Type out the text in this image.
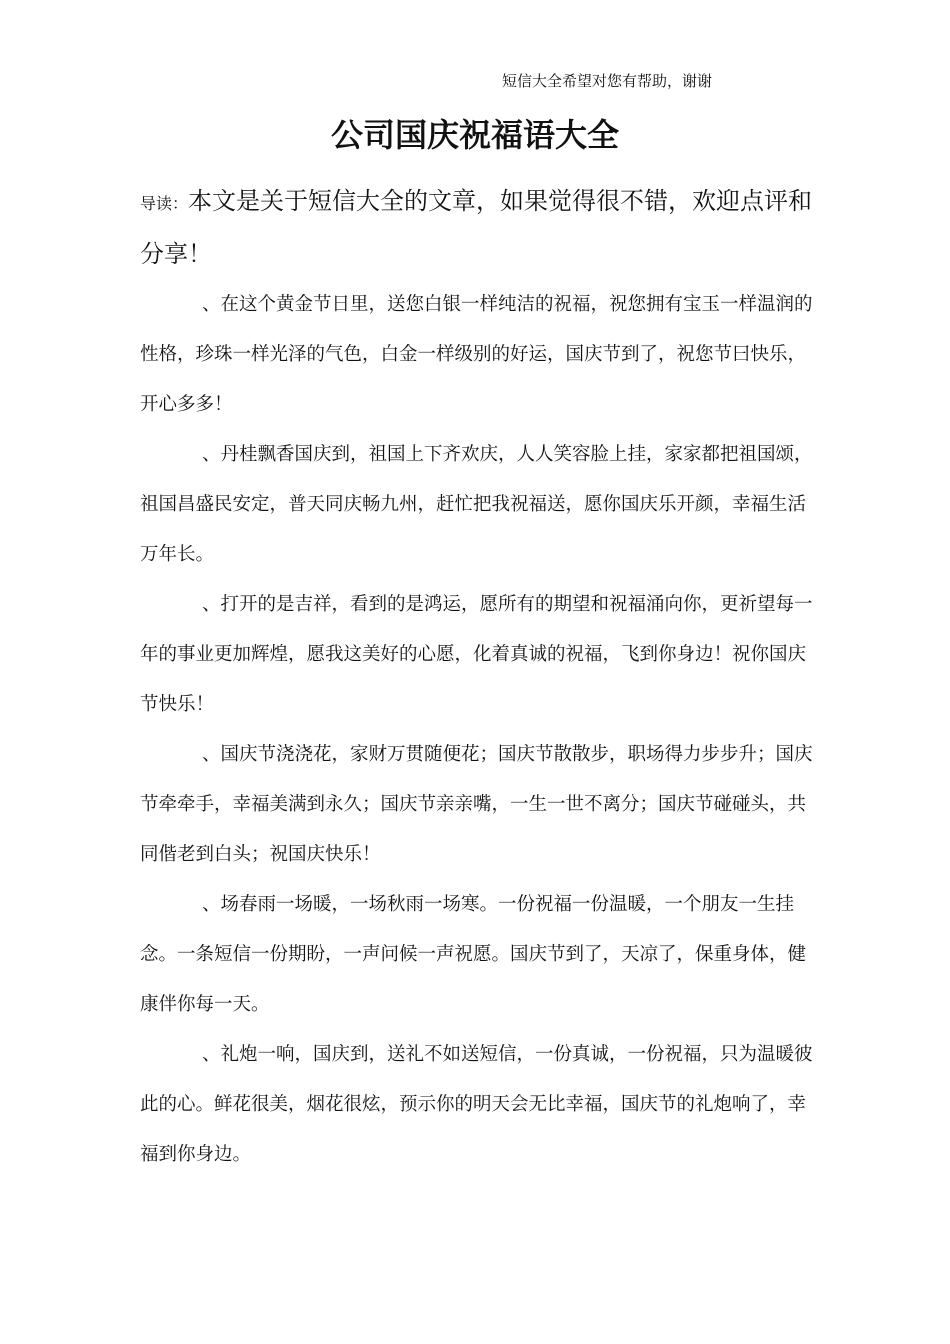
短信大全希望对您有帮助，谢谢
公司国庆祝福语大全

导读：本文是关于短信大全的文章，如果觉得很不错，欢迎点评和分享！

、在这个黄金节日里，送您白银一样纯洁的祝福，祝您拥有宝玉一样温润的性格，珍珠一样光泽的气色，白金一样级别的好运，国庆节到了，祝您节曰快乐，开心多多！

、丹桂飘香国庆到，祖国上下齐欢庆，人人笑容脸上挂，家家都把祖国颂，祖国昌盛民安定，普天同庆畅九州，赶忙把我祝福送，愿你国庆乐开颜，幸福生活万年长。

、打开的是吉祥，看到的是鸿运，愿所有的期望和祝福涌向你，更祈望每一年的事业更加辉煌，愿我这美好的心愿，化着真诚的祝福，飞到你身边！祝你国庆节快乐！

、国庆节浇浇花，家财万贯随便花；国庆节散散步，职场得力步步升；国庆节牵牵手，幸福美满到永久；国庆节亲亲嘴，一生一世不离分；国庆节碰碰头，共同偕老到白头；祝国庆快乐！

、场春雨一场暖，一场秋雨一场寒。一份祝福一份温暖，一个朋友一生挂念。一条短信一份期盼，一声问候一声祝愿。国庆节到了，天凉了，保重身体，健康伴你每一天。

、礼炮一响，国庆到，送礼不如送短信，一份真诚，一份祝福，只为温暖彼此的心。鲜花很美，烟花很炫，预示你的明天会无比幸福，国庆节的礼炮响了，幸福到你身边。
